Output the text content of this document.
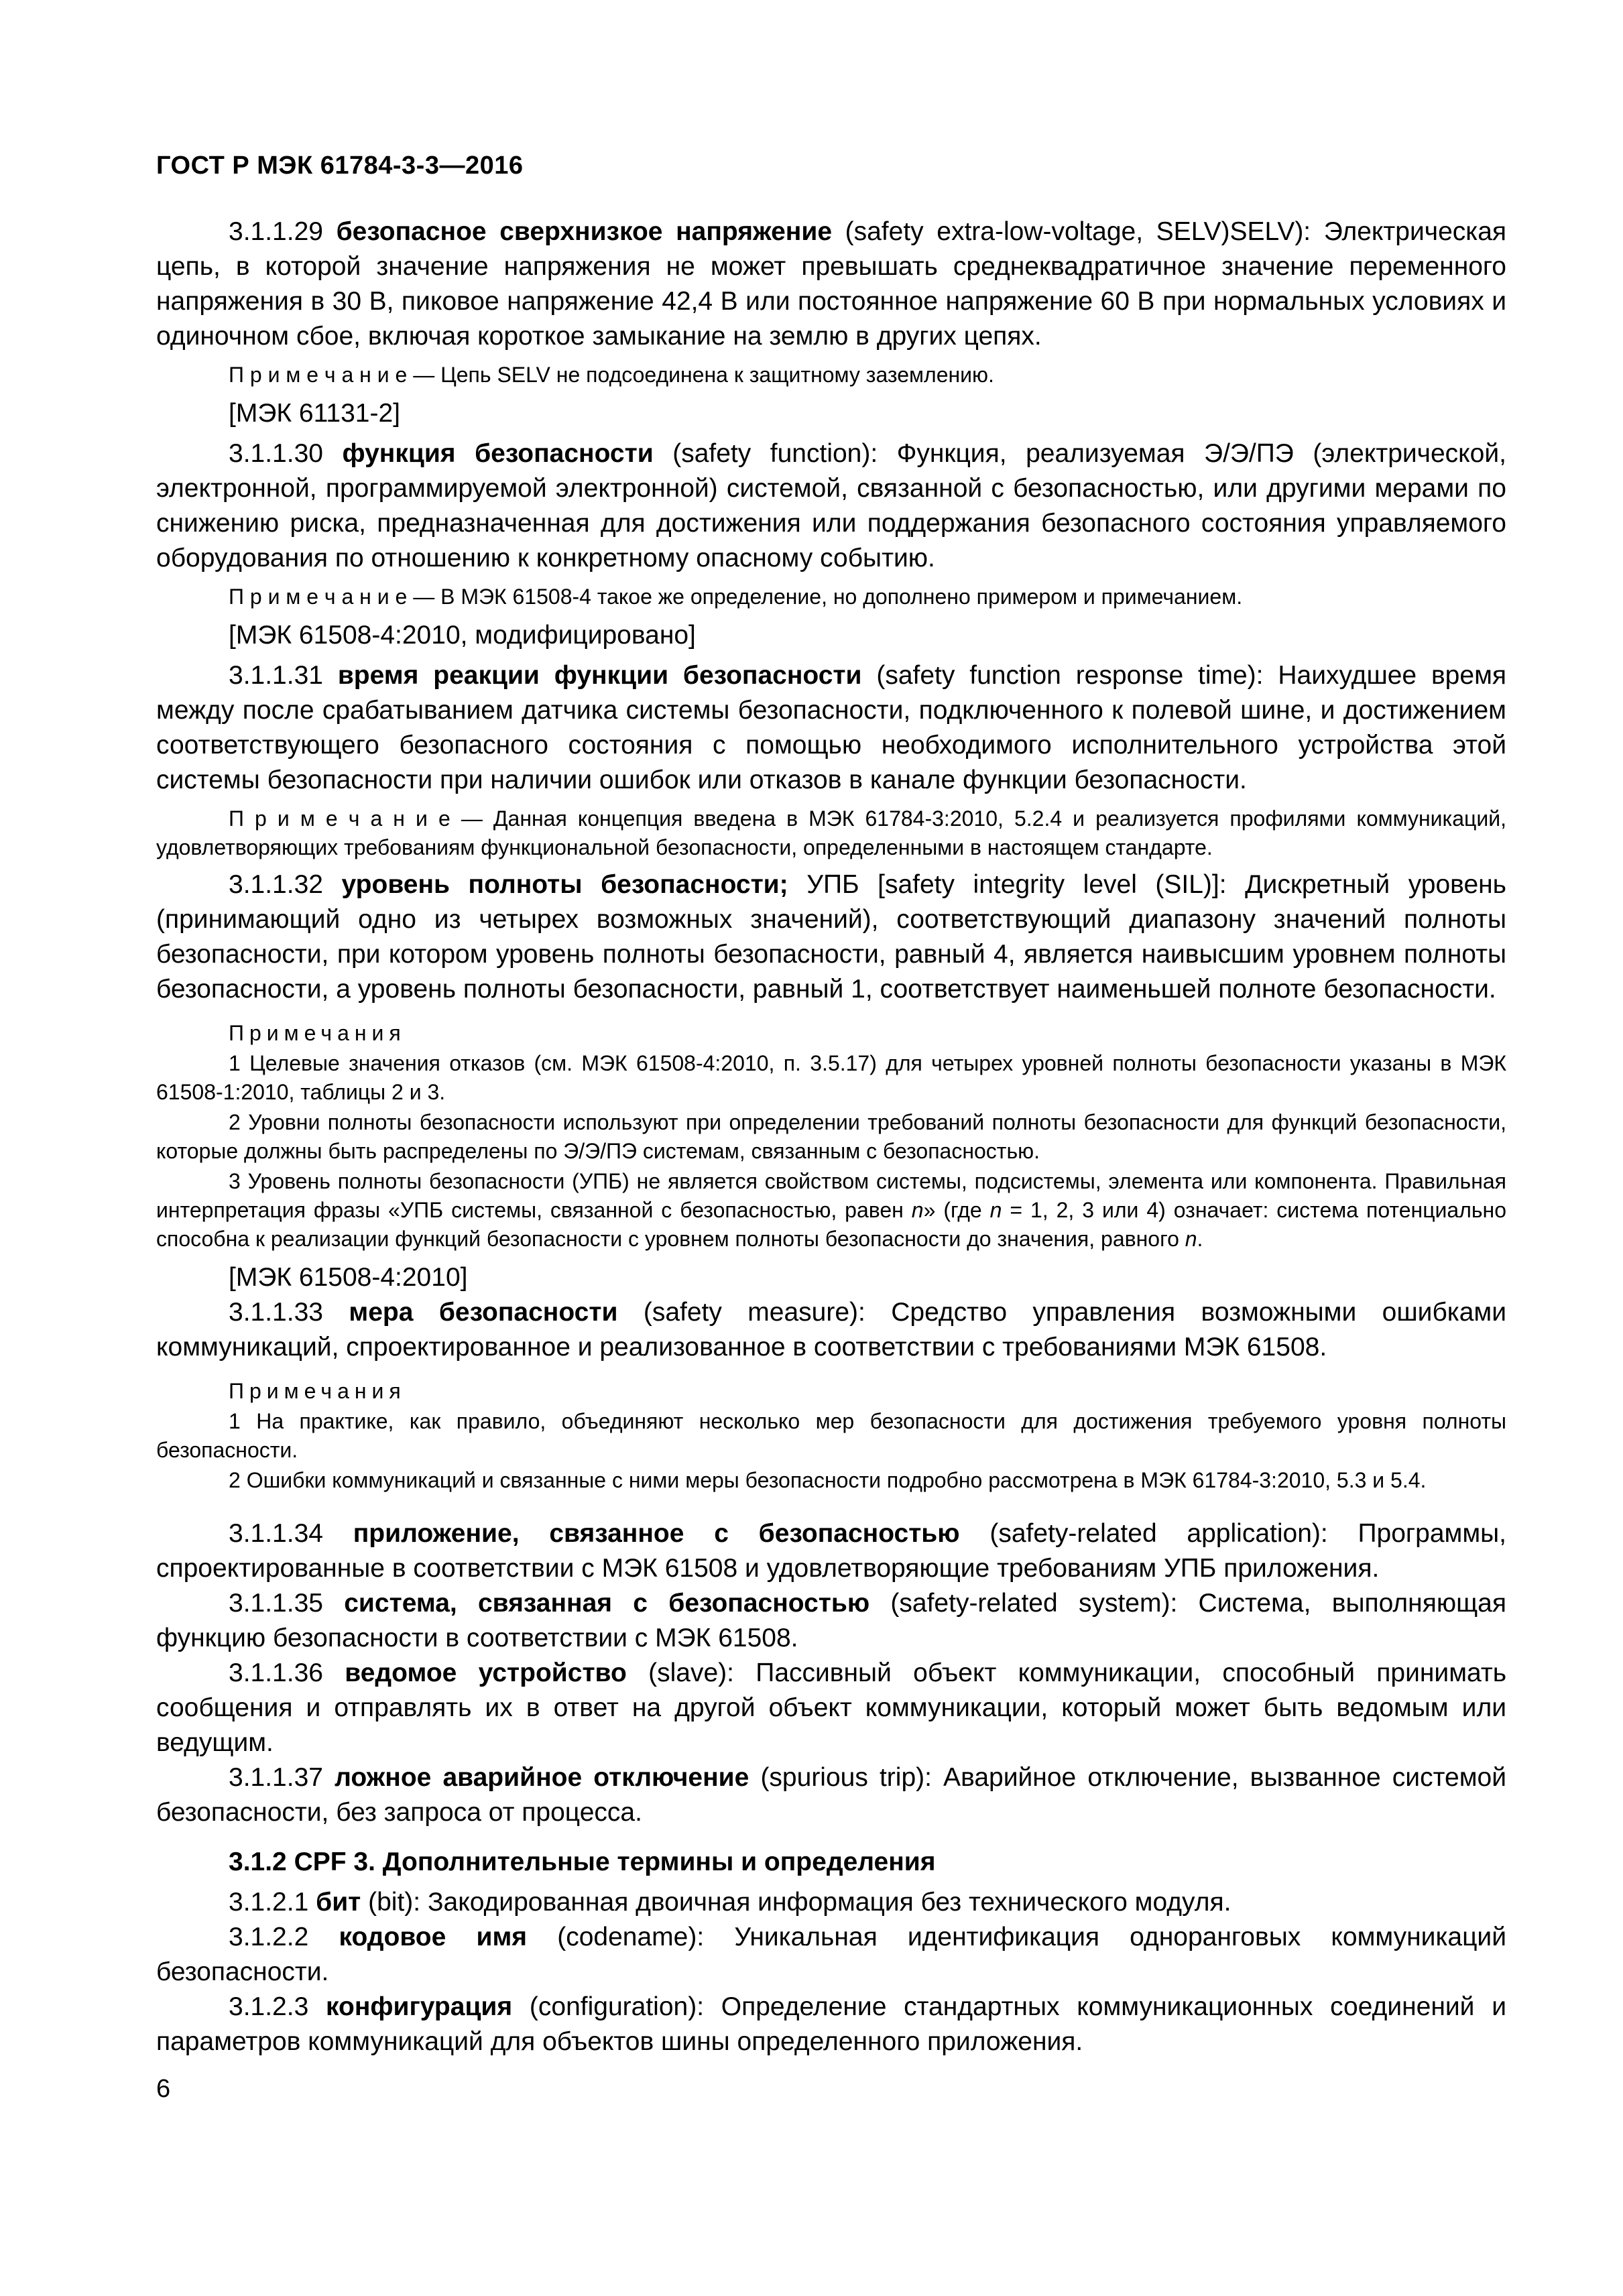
ГОСТ Р МЭК 61784-3-3—2016

3.1.1.29 безопасное сверхнизкое напряжение (safety extra-low-voltage, SELV)SELV): Электрическая цепь, в которой значение напряжения не может превышать среднеквадратичное значение переменного напряжения в 30 В, пиковое напряжение 42,4 В или постоянное напряжение 60 В при нормальных условиях и одиночном сбое, включая короткое замыкание на землю в других цепях.

П р и м е ч а н и е — Цепь SELV не подсоединена к защитному заземлению.

[МЭК 61131-2]

3.1.1.30 функция безопасности (safety function): Функция, реализуемая Э/Э/ПЭ (электрической, электронной, программируемой электронной) системой, связанной с безопасностью, или другими мерами по снижению риска, предназначенная для достижения или поддержания безопасного состояния управляемого оборудования по отношению к конкретному опасному событию.

П р и м е ч а н и е — В МЭК 61508-4 такое же определение, но дополнено примером и примечанием.

[МЭК 61508-4:2010, модифицировано]

3.1.1.31 время реакции функции безопасности (safety function response time): Наихудшее время между после срабатыванием датчика системы безопасности, подключенного к полевой шине, и достижением соответствующего безопасного состояния с помощью необходимого исполнительного устройства этой системы безопасности при наличии ошибок или отказов в канале функции безопасности.

П р и м е ч а н и е — Данная концепция введена в МЭК 61784-3:2010, 5.2.4 и реализуется профилями коммуникаций, удовлетворяющих требованиям функциональной безопасности, определенными в настоящем стандарте.

3.1.1.32 уровень полноты безопасности; УПБ [safety integrity level (SIL)]: Дискретный уровень (принимающий одно из четырех возможных значений), соответствующий диапазону значений полноты безопасности, при котором уровень полноты безопасности, равный 4, является наивысшим уровнем полноты безопасности, а уровень полноты безопасности, равный 1, соответствует наименьшей полноте безопасности.

Примечания

1 Целевые значения отказов (см. МЭК 61508-4:2010, п. 3.5.17) для четырех уровней полноты безопасности указаны в МЭК 61508-1:2010, таблицы 2 и 3.

2 Уровни полноты безопасности используют при определении требований полноты безопасности для функций безопасности, которые должны быть распределены по Э/Э/ПЭ системам, связанным с безопасностью.

3 Уровень полноты безопасности (УПБ) не является свойством системы, подсистемы, элемента или компонента. Правильная интерпретация фразы «УПБ системы, связанной с безопасностью, равен n» (где n = 1, 2, 3 или 4) означает: система потенциально способна к реализации функций безопасности с уровнем полноты безопасности до значения, равного n.

[МЭК 61508-4:2010]

3.1.1.33 мера безопасности (safety measure): Средство управления возможными ошибками коммуникаций, спроектированное и реализованное в соответствии с требованиями МЭК 61508.

Примечания

1 На практике, как правило, объединяют несколько мер безопасности для достижения требуемого уровня полноты безопасности.

2 Ошибки коммуникаций и связанные с ними меры безопасности подробно рассмотрена в МЭК 61784-3:2010, 5.3 и 5.4.

3.1.1.34 приложение, связанное с безопасностью (safety-related application): Программы, спроектированные в соответствии с МЭК 61508 и удовлетворяющие требованиям УПБ приложения.

3.1.1.35 система, связанная с безопасностью (safety-related system): Система, выполняющая функцию безопасности в соответствии с МЭК 61508.

3.1.1.36 ведомое устройство (slave): Пассивный объект коммуникации, способный принимать сообщения и отправлять их в ответ на другой объект коммуникации, который может быть ведомым или ведущим.

3.1.1.37 ложное аварийное отключение (spurious trip): Аварийное отключение, вызванное системой безопасности, без запроса от процесса.

3.1.2 CPF 3. Дополнительные термины и определения

3.1.2.1 бит (bit): Закодированная двоичная информация без технического модуля.

3.1.2.2 кодовое имя (codename): Уникальная идентификация одноранговых коммуникаций безопасности.

3.1.2.3 конфигурация (configuration): Определение стандартных коммуникационных соединений и параметров коммуникаций для объектов шины определенного приложения.

6
